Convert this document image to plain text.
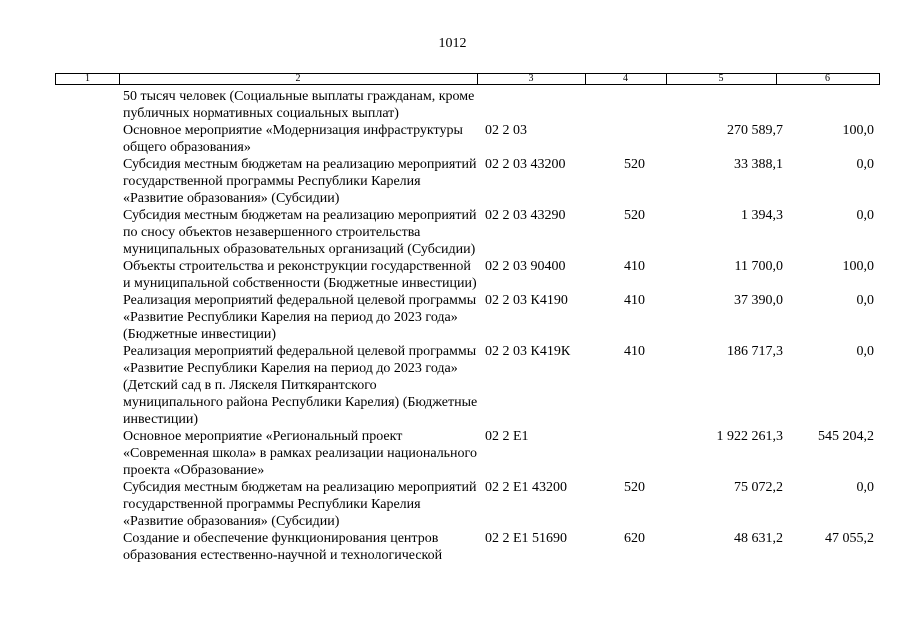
1012
1	2	3	4	5	6
	50 тысяч человек (Социальные выплаты гражданам, кроме публичных нормативных социальных выплат)				
	Основное мероприятие «Модернизация инфраструктуры общего образования»	02 2 03		270 589,7	100,0
	Субсидия местным бюджетам на реализацию мероприятий государственной программы Республики Карелия «Развитие образования» (Субсидии)	02 2 03 43200	520	33 388,1	0,0
	Субсидия местным бюджетам на реализацию мероприятий по сносу объектов незавершенного строительства муниципальных образовательных организаций (Субсидии)	02 2 03 43290	520	1 394,3	0,0
	Объекты строительства и реконструкции государственной и муниципальной собственности (Бюджетные инвестиции)	02 2 03 90400	410	11 700,0	100,0
	Реализация мероприятий федеральной целевой программы «Развитие Республики Карелия на период до 2023 года» (Бюджетные инвестиции)	02 2 03 К4190	410	37 390,0	0,0
	Реализация мероприятий федеральной целевой программы «Развитие Республики Карелия на период до 2023 года» (Детский сад в п. Ляскеля Питкярантского муниципального района Республики Карелия) (Бюджетные инвестиции)	02 2 03 К419К	410	186 717,3	0,0
	Основное мероприятие «Региональный проект «Современная школа» в рамках реализации национального проекта «Образование»	02 2 Е1		1 922 261,3	545 204,2
	Субсидия местным бюджетам на реализацию мероприятий государственной программы Республики Карелия «Развитие образования» (Субсидии)	02 2 Е1 43200	520	75 072,2	0,0
	Создание и обеспечение функционирования центров образования естественно-научной и технологической	02 2 Е1 51690	620	48 631,2	47 055,2
